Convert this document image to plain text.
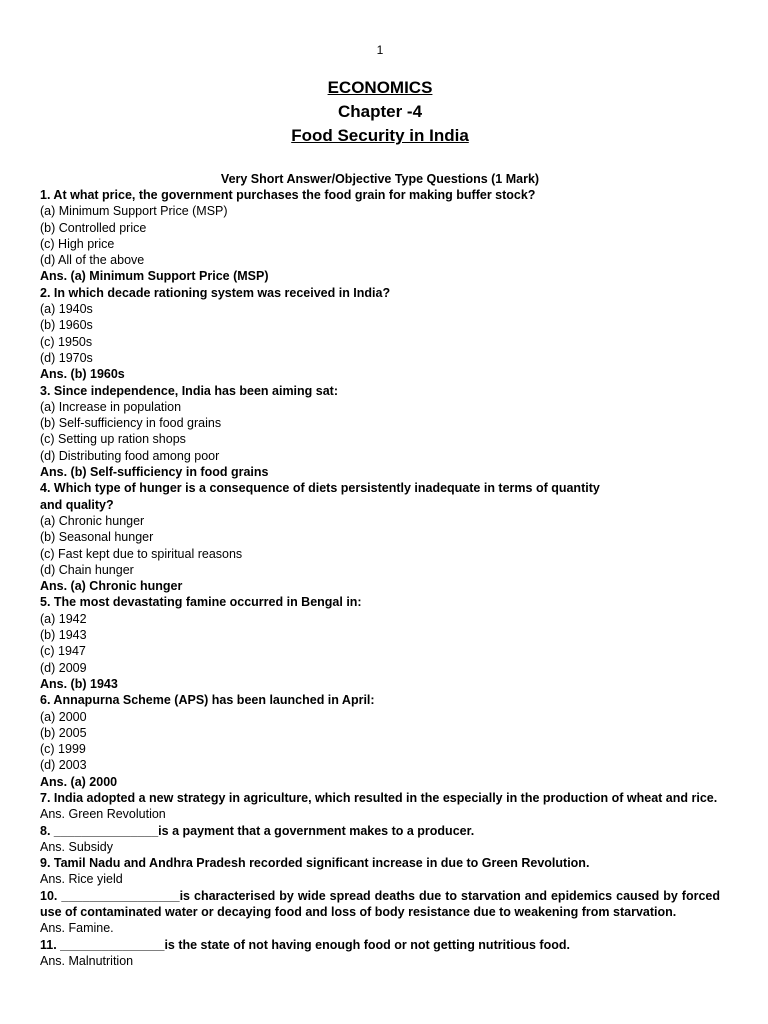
1
ECONOMICS
Chapter -4
Food Security in India
Very Short Answer/Objective Type Questions (1 Mark)
1. At what price, the government purchases the food grain for making buffer stock?
(a) Minimum Support Price (MSP)
(b) Controlled price
(c) High price
(d) All of the above
Ans. (a) Minimum Support Price (MSP)
2. In which decade rationing system was received in India?
(a) 1940s
(b) 1960s
(c) 1950s
(d) 1970s
Ans. (b) 1960s
3. Since independence, India has been aiming sat:
(a) Increase in population
(b) Self-sufficiency in food grains
(c) Setting up ration shops
(d) Distributing food among poor
Ans. (b) Self-sufficiency in food grains
4. Which type of hunger is a consequence of diets persistently inadequate in terms of quantity
and quality?
(a) Chronic hunger
(b) Seasonal hunger
(c) Fast kept due to spiritual reasons
(d) Chain hunger
Ans. (a) Chronic hunger
5. The most devastating famine occurred in Bengal in:
(a) 1942
(b) 1943
(c) 1947
(d) 2009
Ans. (b) 1943
6. Annapurna Scheme (APS) has been launched in April:
(a) 2000
(b) 2005
(c) 1999
(d) 2003
Ans. (a) 2000
7. India adopted a new strategy in agriculture, which resulted in the especially in the production of wheat and rice.
Ans. Green Revolution
8. _______________is a payment that a government makes to a producer.
Ans. Subsidy
9. Tamil Nadu and Andhra Pradesh recorded significant increase in due to Green Revolution.
Ans. Rice yield
10. _________________is characterised by wide spread deaths due to starvation and epidemics caused by forced use of contaminated water or decaying food and loss of body resistance due to weakening from starvation.
Ans. Famine.
11. _______________is the state of not having enough food or not getting nutritious food.
Ans. Malnutrition
